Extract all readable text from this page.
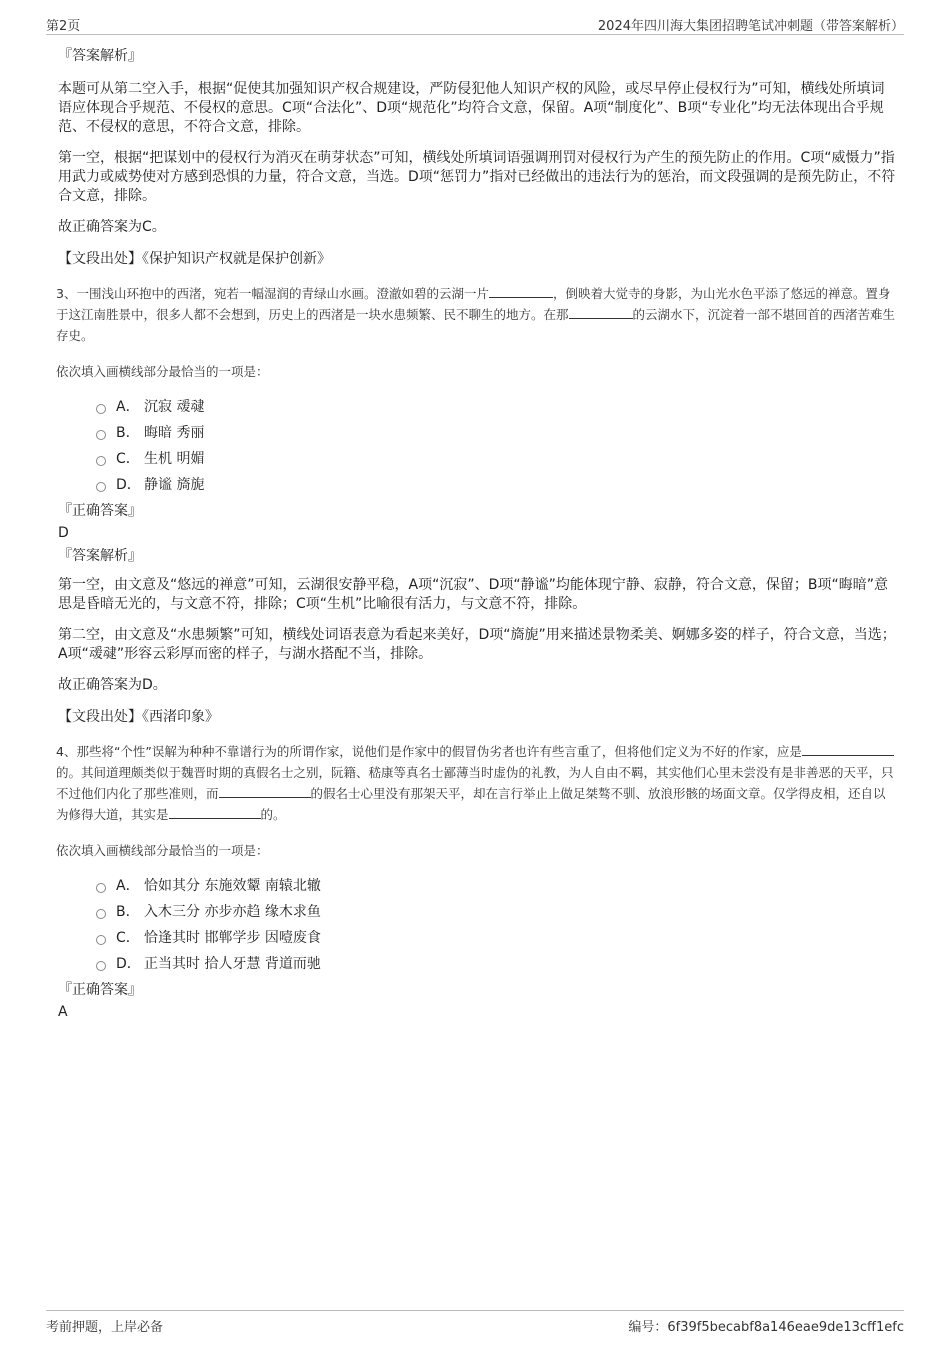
第2页	2024年四川海大集团招聘笔试冲刺题（带答案解析）
『答案解析』

本题可从第二空入手，根据“促使其加强知识产权合规建设，严防侵犯他人知识产权的风险，或尽早停止侵权行为”可知，横线处所填词语应体现合乎规范、不侵权的意思。C项“合法化”、D项“规范化”均符合文意，保留。A项“制度化”、B项“专业化”均无法体现出合乎规范、不侵权的意思，不符合文意，排除。

第一空，根据“把谋划中的侵权行为消灭在萌芽状态”可知，横线处所填词语强调刑罚对侵权行为产生的预先防止的作用。C项“威慑力”指用武力或威势使对方感到恐惧的力量，符合文意，当选。D项“惩罚力”指对已经做出的违法行为的惩治，而文段强调的是预先防止，不符合文意，排除。

故正确答案为C。

【文段出处】《保护知识产权就是保护创新》
3、一围浅山环抱中的西渚，宛若一幅湿润的青绿山水画。澄澈如碧的云湖一片	，倒映着大觉寺的身影，为山光水色平添了悠远的禅意。置身于这江南胜景中，很多人都不会想到，历史上的西渚是一块水患频繁、民不聊生的地方。在那	的云湖水下，沉淀着一部不堪回首的西渚苦难生存史。
依次填入画横线部分最恰当的一项是：
A． 沉寂 叆叇
B． 晦暗 秀丽
C． 生机 明媚
D． 静谧 旖旎
『正确答案』
D
『答案解析』

第一空，由文意及“悠远的禅意”可知，云湖很安静平稳，A项“沉寂”、D项“静谧”均能体现宁静、寂静，符合文意，保留；B项“晦暗”意思是昏暗无光的，与文意不符，排除；C项“生机”比喻很有活力，与文意不符，排除。

第二空，由文意及“水患频繁”可知，横线处词语表意为看起来美好，D项“旖旎”用来描述景物柔美、婀娜多姿的样子，符合文意，当选；A项“叆叇”形容云彩厚而密的样子，与湖水搭配不当，排除。

故正确答案为D。

【文段出处】《西渚印象》
4、那些将“个性”误解为种种不靠谱行为的所谓作家，说他们是作家中的假冒伪劣者也许有些言重了，但将他们定义为不好的作家，应是的。其间道理颇类似于魏晋时期的真假名士之别，阮籍、嵇康等真名士鄙薄当时虚伪的礼教，为人自由不羁，其实他们心里未尝没有是非善恶的天平，只不过他们内化了那些准则，而	的假名士心里没有那架天平，却在言行举止上做足桀骜不驯、放浪形骸的场面文章。仅学得皮相，还自以为修得大道，其实是	的。
依次填入画横线部分最恰当的一项是：
A． 恰如其分 东施效颦 南辕北辙
B． 入木三分 亦步亦趋 缘木求鱼
C． 恰逢其时 邯郸学步 因噎废食
D． 正当其时 拾人牙慧 背道而驰
『正确答案』
A
考前押题，上岸必备	编号：6f39f5becabf8a146eae9de13cff1efc
